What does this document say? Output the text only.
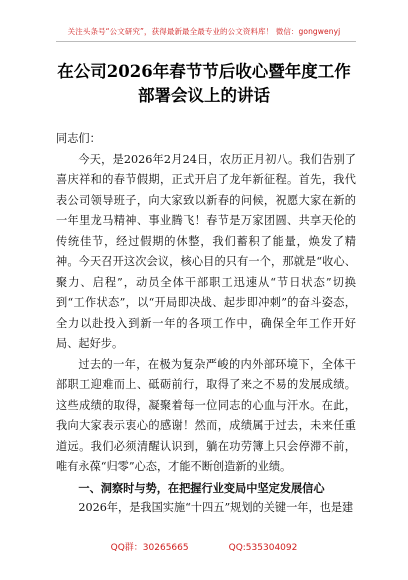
关注头条号“公文研究”，获得最新最全最专业的公文资料库！ 微信：gongwenyj
在公司2026年春节节后收心暨年度工作
部署会议上的讲话

同志们：

今天，是2026年2月24日，农历正月初八。我们告别了喜庆祥和的春节假期，正式开启了龙年新征程。首先，我代表公司领导班子，向大家致以新春的问候，祝愿大家在新的一年里龙马精神、事业腾飞！春节是万家团圆、共享天伦的传统佳节，经过假期的休整，我们蓄积了能量，焕发了精神。今天召开这次会议，核心目的只有一个，那就是“收心、聚力、启程”，动员全体干部职工迅速从“节日状态”切换到“工作状态”，以“开局即决战、起步即冲刺”的奋斗姿态，全力以赴投入到新一年的各项工作中，确保全年工作开好局、起好步。

过去的一年，在极为复杂严峻的内外部环境下，全体干部职工迎难而上、砥砺前行，取得了来之不易的发展成绩。这些成绩的取得，凝聚着每一位同志的心血与汗水。在此，我向大家表示衷心的感谢！然而，成绩属于过去，未来任重道远。我们必须清醒认识到，躺在功劳簿上只会停滞不前，唯有永葆“归零”心态，才能不断创造新的业绩。

一、洞察时与势，在把握行业变局中坚定发展信心

2026年，是我国实施“十四五”规划的关键一年，也是建

QQ群：30265665	QQ:535304092
